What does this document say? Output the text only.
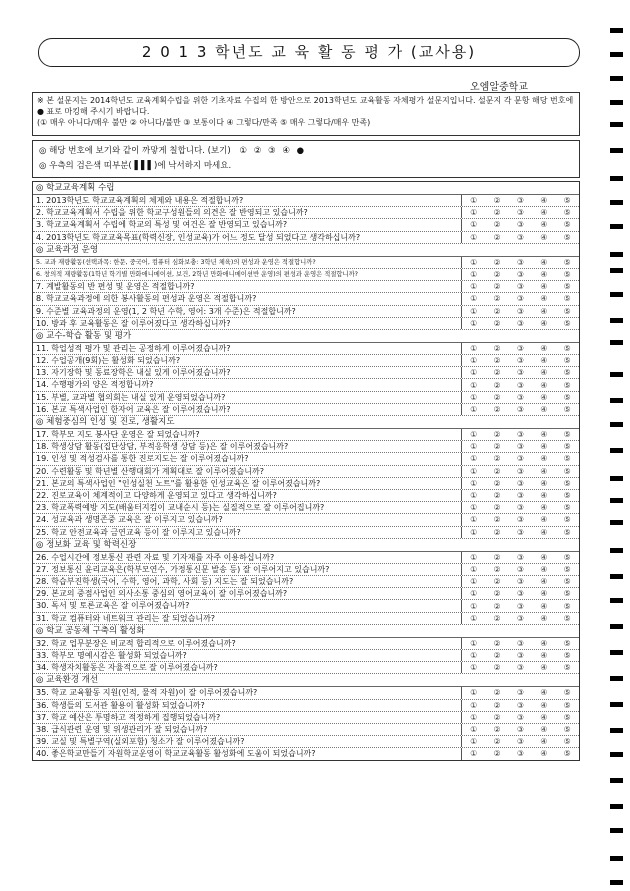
2 0 1 3 학년도 교 육 활 동 평 가 (교사용)
오엠알중학교
※ 본 설문지는 2014학년도 교육계획수립을 위한 기초자료 수집의 한 방안으로 2013학년도 교육활동 자체평가 설문지입니다. 설문지 각 문항 해당 번호에 ● 표로 마킹해 주시기 바랍니다.
(① 매우 아니다/매우 불만 ② 아니다/불만 ③ 보통이다 ④ 그렇다/만족 ⑤ 매우 그렇다/매우 만족)
◎ 해당 번호에 보기와 같이 까맣게 칠합니다. (보기) ① ② ③ ④ ●
◎ 우측의 검은색 띠부분( ▌▌▌)에 낙서하지 마세요.
◎ 학교교육계획 수립
1. 2013학년도 학교교육계획의 체제와 내용은 적절합니까?	① ② ③ ④ ⑤
2. 학교교육계획서 수립을 위한 학교구성원들의 의견은 잘 반영되고 있습니까?	① ② ③ ④ ⑤
3. 학교교육계획서 수립에 학교의 특성 및 여건은 잘 반영되고 있습니까?	① ② ③ ④ ⑤
4. 2013학년도 학교교육목표(학력신장, 인성교육)가 어느 정도 달성 되었다고 생각하십니까?	① ② ③ ④ ⑤
◎ 교육과정 운영
5. 교과 재량활동(선택과목: 한문, 중국어, 컴퓨터 심화보충: 3학년 체육)의 편성과 운영은 적절합니까?	① ② ③ ④ ⑤
6. 창의적 재량활동(1학년 학기별 만화애니메이션, 보건, 2학년 만화애니메이션반 운영)의 편성과 운영은 적절합니까?	① ② ③ ④ ⑤
7. 계발활동의 반 편성 및 운영은 적절합니까?	① ② ③ ④ ⑤
8. 학교교육과정에 의한 봉사활동의 편성과 운영은 적절합니까?	① ② ③ ④ ⑤
9. 수준별 교육과정의 운영(1, 2 학년 수학, 영어: 3개 수준)은 적절합니까?	① ② ③ ④ ⑤
10. 방과 후 교육활동은 잘 이루어졌다고 생각하십니까?	① ② ③ ④ ⑤
◎ 교수-학습 활동 및 평가
11. 학업성적 평가 및 관리는 공정하게 이루어졌습니까?	① ② ③ ④ ⑤
12. 수업공개(9회)는 활성화 되었습니까?	① ② ③ ④ ⑤
13. 자기장학 및 동료장학은 내실 있게 이루어졌습니까?	① ② ③ ④ ⑤
14. 수행평가의 양은 적정합니까?	① ② ③ ④ ⑤
15. 부별, 교과별 협의회는 내실 있게 운영되었습니까?	① ② ③ ④ ⑤
16. 본교 특색사업인 한자어 교육은 잘 이루어졌습니까?	① ② ③ ④ ⑤
◎ 체험중심의 인성 및 진로, 생활지도
17. 학부모 지도 봉사단 운영은 잘 되었습니까?	① ② ③ ④ ⑤
18. 학생상담 활동(집단상담, 부적응학생 상담 등)은 잘 이루어졌습니까?	① ② ③ ④ ⑤
19. 인성 및 적성검사를 통한 진로지도는 잘 이루어졌습니까?	① ② ③ ④ ⑤
20. 수련활동 및 학년별 산행대회가 계획대로 잘 이루어졌습니까?	① ② ③ ④ ⑤
21. 본교의 특색사업인 "인성실천 노트"를 활용한 인성교육은 잘 이루어졌습니까?	① ② ③ ④ ⑤
22. 진로교육이 체계적이고 다양하게 운영되고 있다고 생각하십니까?	① ② ③ ④ ⑤
23. 학교폭력예방 지도(배움터지킴이 교내순시 등)는 실질적으로 잘 이루어집니까?	① ② ③ ④ ⑤
24. 성교육과 생명존중 교육은 잘 이루지고 있습니까?	① ② ③ ④ ⑤
25. 학교 안전교육과 금연교육 등이 잘 이루지고 있습니까?	① ② ③ ④ ⑤
◎ 정보화 교육 및 학력신장
26. 수업시간에 정보통신 관련 자료 및 기자재를 자주 이용하십니까?	① ② ③ ④ ⑤
27. 정보통신 윤리교육은(학부모연수, 가정통신문 발송 등) 잘 이루어지고 있습니까?	① ② ③ ④ ⑤
28. 학습부진학생(국어, 수학, 영어, 과학, 사회 등) 지도는 잘 되었습니까?	① ② ③ ④ ⑤
29. 본교의 중점사업인 의사소통 중심의 영어교육이 잘 이루어졌습니까?	① ② ③ ④ ⑤
30. 독서 및 토론교육은 잘 이루어졌습니까?	① ② ③ ④ ⑤
31. 학교 컴퓨터와 네트워크 관리는 잘 되었습니까?	① ② ③ ④ ⑤
◎ 학교 공동체 구축의 활성화
32. 학교 업무분장은 비교적 합리적으로 이루어졌습니까?	① ② ③ ④ ⑤
33. 학부모 명예시감은 활성화 되었습니까?	① ② ③ ④ ⑤
34. 학생자치활동은 자율적으로 잘 이루어졌습니까?	① ② ③ ④ ⑤
◎ 교육환경 개선
35. 학교 교육활동 지원(인적, 물적 자원)이 잘 이루어졌습니까?	① ② ③ ④ ⑤
36. 학생들의 도서관 활용이 활성화 되었습니까?	① ② ③ ④ ⑤
37. 학교 예산은 투명하고 적정하게 집행되었습니까?	① ② ③ ④ ⑤
38. 급식관련 운영 및 위생관리가 잘 되었습니까?	① ② ③ ④ ⑤
39. 교실 및 특별구역(실외포함) 청소가 잘 이루어졌습니까?	① ② ③ ④ ⑤
40. 좋은학교만들기 자원학교운영이 학교교육활동 활성화에 도움이 되었습니까?	① ② ③ ④ ⑤
